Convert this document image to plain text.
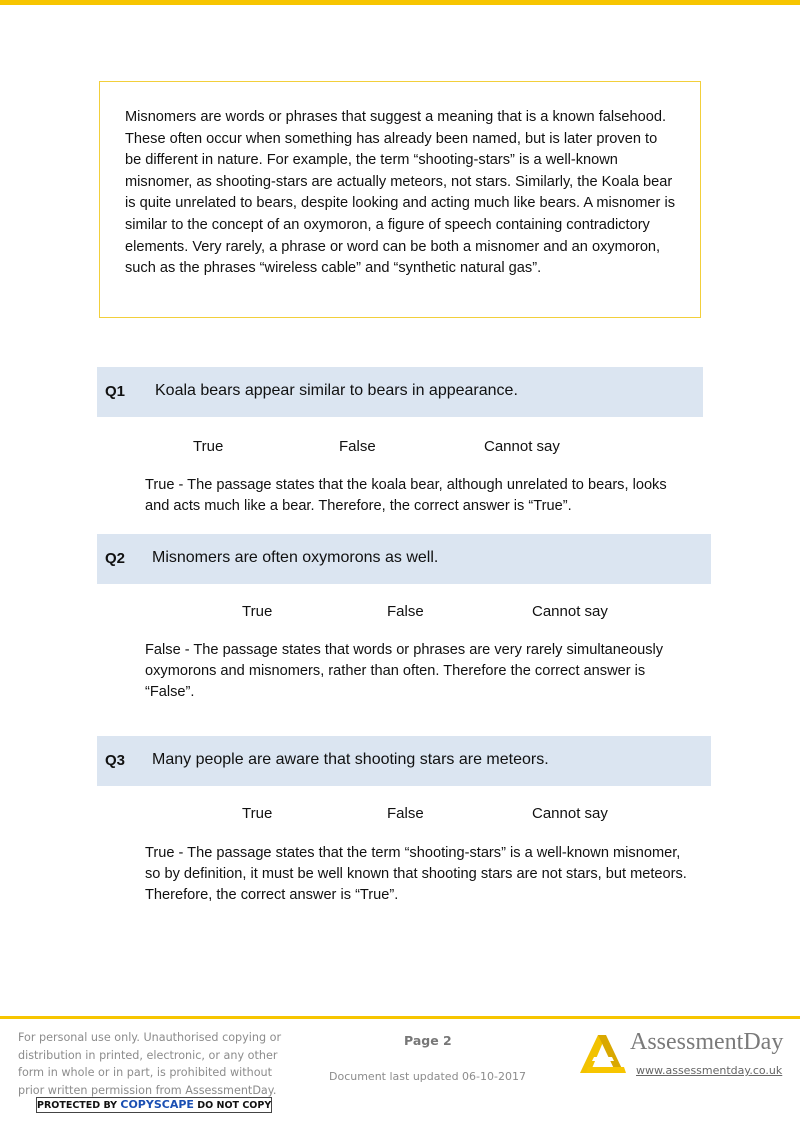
Misnomers are words or phrases that suggest a meaning that is a known falsehood. These often occur when something has already been named, but is later proven to be different in nature. For example, the term “shooting-stars” is a well-known misnomer, as shooting-stars are actually meteors, not stars. Similarly, the Koala bear is quite unrelated to bears, despite looking and acting much like bears. A misnomer is similar to the concept of an oxymoron, a figure of speech containing contradictory elements. Very rarely, a phrase or word can be both a misnomer and an oxymoron, such as the phrases “wireless cable” and “synthetic natural gas”.

Q1 Koala bears appear similar to bears in appearance.
True	False	Cannot say

True - The passage states that the koala bear, although unrelated to bears, looks and acts much like a bear. Therefore, the correct answer is “True”.

Q2 Misnomers are often oxymorons as well.
True	False	Cannot say

False - The passage states that words or phrases are very rarely simultaneously oxymorons and misnomers, rather than often. Therefore the correct answer is “False”.

Q3 Many people are aware that shooting stars are meteors.
True	False	Cannot say

True - The passage states that the term “shooting-stars” is a well-known misnomer, so by definition, it must be well known that shooting stars are not stars, but meteors. Therefore, the correct answer is “True”.

For personal use only. Unauthorised copying or distribution in printed, electronic, or any other form in whole or in part, is prohibited without prior written permission from AssessmentDay.

PROTECTED BY COPYSCAPE DO NOT COPY
Page 2
Document last updated 06-10-2017
AssessmentDay
www.assessmentday.co.uk
